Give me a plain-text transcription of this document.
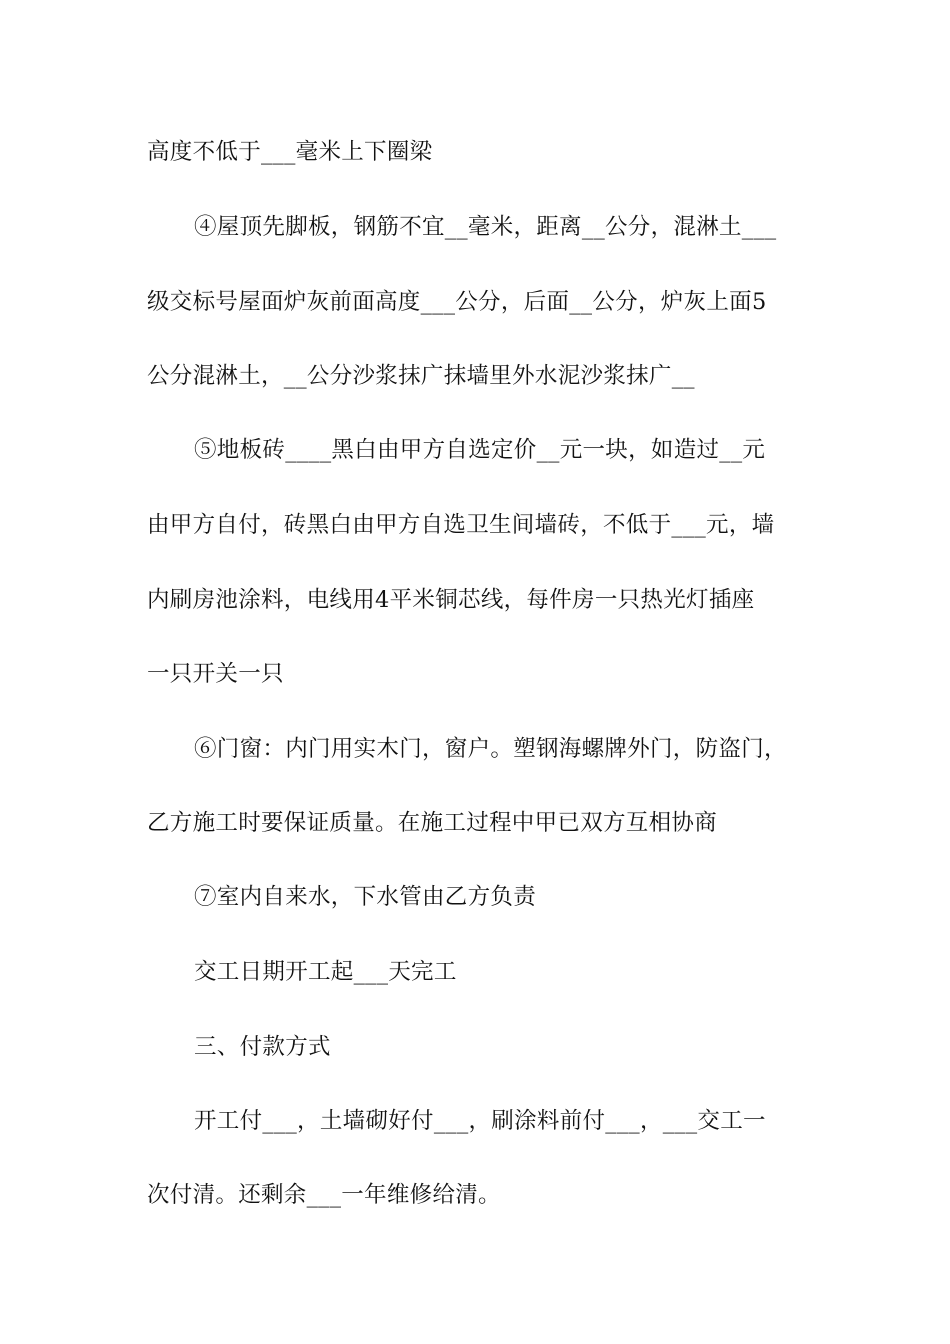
高度不低于___毫米上下圈梁

④屋顶先脚板，钢筋不宜__毫米，距离__公分，混淋土___

级交标号屋面炉灰前面高度___公分，后面__公分，炉灰上面5

公分混淋土，__公分沙浆抹广抹墙里外水泥沙浆抹广__

⑤地板砖____黑白由甲方自选定价__元一块，如造过__元

由甲方自付，砖黑白由甲方自选卫生间墙砖，不低于___元，墙

内刷房池涂料，电线用4平米铜芯线，每件房一只热光灯插座

一只开关一只

⑥门窗：内门用实木门，窗户。塑钢海螺牌外门，防盗门，

乙方施工时要保证质量。在施工过程中甲已双方互相协商

⑦室内自来水，下水管由乙方负责

交工日期开工起___天完工

三、付款方式

开工付___，土墙砌好付___，刷涂料前付___，___交工一

次付清。还剩余___一年维修给清。
